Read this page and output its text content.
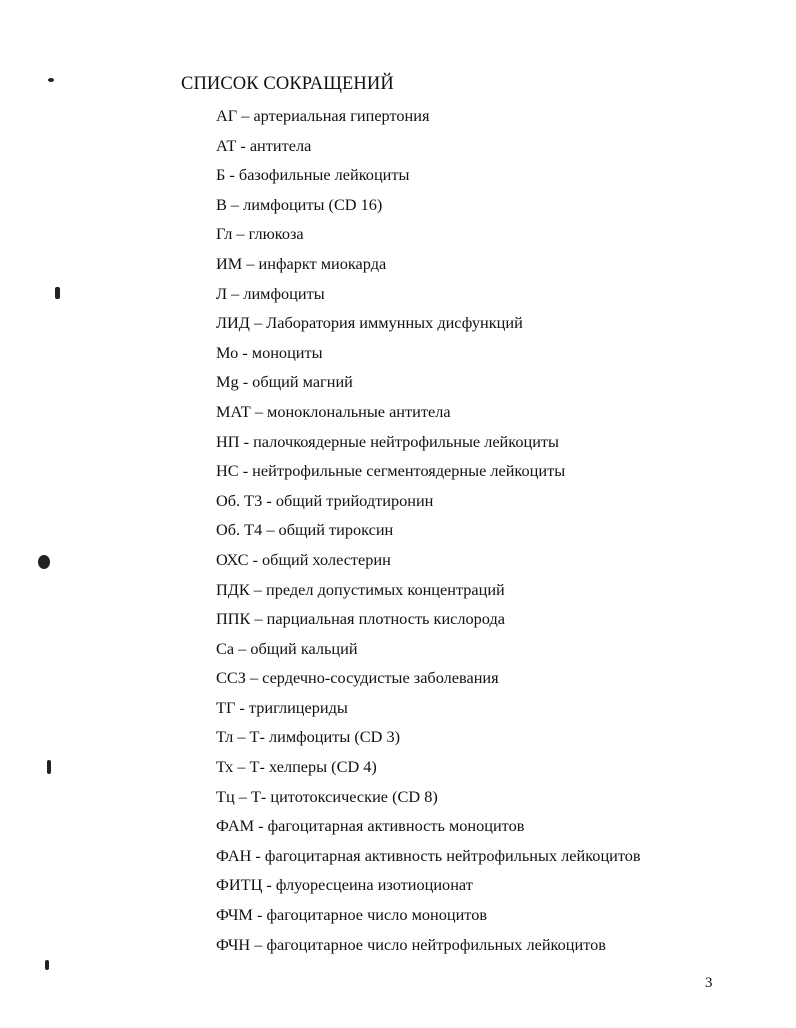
СПИСОК СОКРАЩЕНИЙ
АГ – артериальная гипертония
АТ - антитела
Б - базофильные лейкоциты
В – лимфоциты (CD 16)
Гл – глюкоза
ИМ – инфаркт миокарда
Л – лимфоциты
ЛИД – Лаборатория иммунных дисфункций
Мо - моноциты
Mg - общий магний
МАТ – моноклональные антитела
НП - палочкоядерные нейтрофильные лейкоциты
НС - нейтрофильные сегментоядерные лейкоциты
Об. Т3 - общий трийодтиронин
Об. Т4 – общий тироксин
ОХС - общий холестерин
ПДК – предел допустимых концентраций
ППК – парциальная плотность кислорода
Са – общий кальций
ССЗ – сердечно-сосудистые заболевания
ТГ - триглицериды
Тл – Т- лимфоциты (CD 3)
Тх – Т- хелперы (CD 4)
Тц – Т- цитотоксические (CD 8)
ФАМ - фагоцитарная активность моноцитов
ФАН - фагоцитарная активность нейтрофильных лейкоцитов
ФИТЦ - флуоресцеина изотиоционат
ФЧМ - фагоцитарное число моноцитов
ФЧН – фагоцитарное число нейтрофильных лейкоцитов
3
